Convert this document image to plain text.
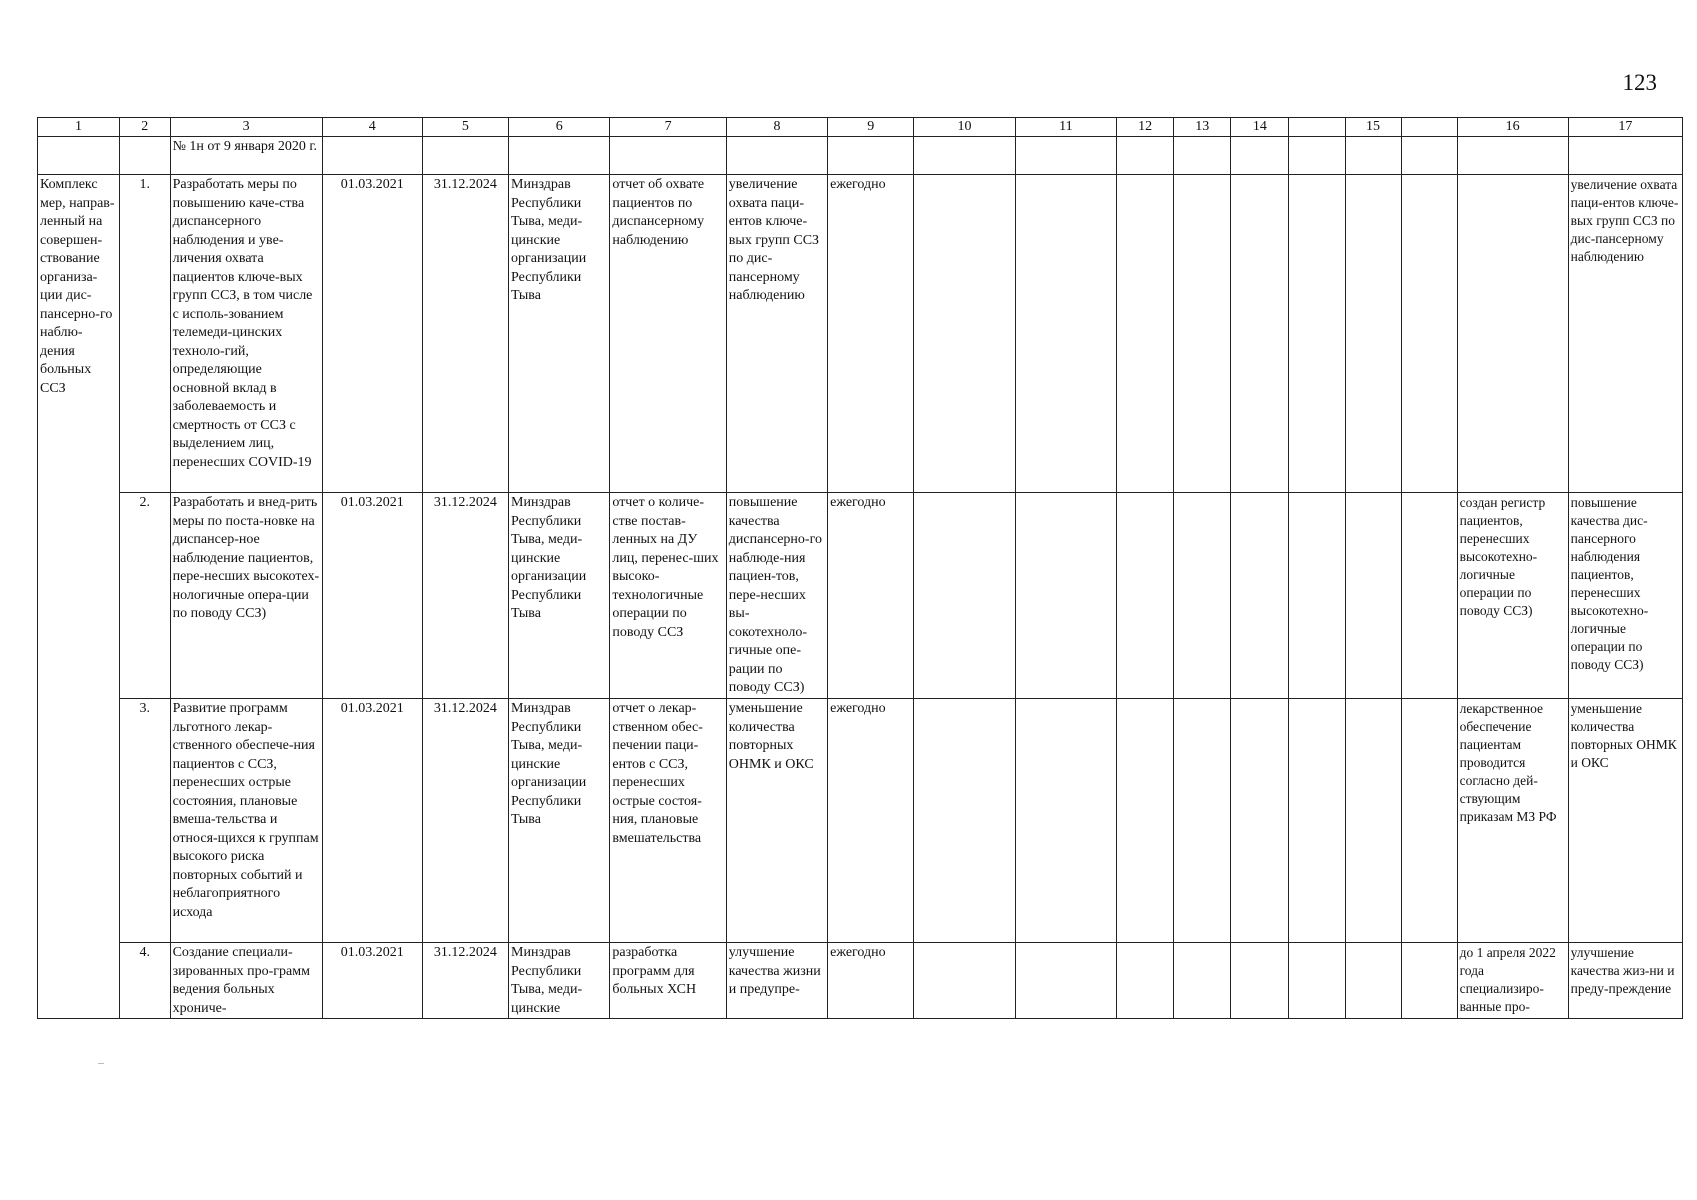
123
1	2	3	4	5	6	7	8	9	10	11	12	13	14		15		16	17
		№ 1н от 9 января 2020 г.																
Комплекс мер, направ-ленный на совершен-ствование организа-ции дис-пансерно-го наблю-дения больных ССЗ	1.	Разработать меры по повышению каче-ства диспансерного наблюдения и уве-личения охвата пациентов ключе-вых групп ССЗ, в том числе с исполь-зованием телемеди-цинских техноло-гий, определяющие основной вклад в заболеваемость и смертность от ССЗ с выделением лиц, перенесших COVID-19	01.03.2021	31.12.2024	Минздрав Республики Тыва, меди-цинские организации Республики Тыва	отчет об охвате пациентов по диспансерному наблюдению	увеличение охвата паци-ентов ключе-вых групп ССЗ по дис-пансерному наблюдению	ежегодно										увеличение охвата паци-ентов ключе-вых групп ССЗ по дис-пансерному наблюдению
	2.	Разработать и внед-рить меры по поста-новке на диспансер-ное наблюдение пациентов, пере-несших высокотех-нологичные опера-ции по поводу ССЗ)	01.03.2021	31.12.2024	Минздрав Республики Тыва, меди-цинские организации Республики Тыва	отчет о количе-стве постав-ленных на ДУ лиц, перенес-ших высоко-технологичные операции по поводу ССЗ	повышение качества диспансерно-го наблюде-ния пациен-тов, пере-несших вы-сокотехноло-гичные опе-рации по поводу ССЗ)	ежегодно									создан регистр пациентов, перенесших высокотехно-логичные операции по поводу ССЗ)	повышение качества дис-пансерного наблюдения пациентов, перенесших высокотехно-логичные операции по поводу ССЗ)
	3.	Развитие программ льготного лекар-ственного обеспече-ния пациентов с ССЗ, перенесших острые состояния, плановые вмеша-тельства и относя-щихся к группам высокого риска повторных событий и неблагоприятного исхода	01.03.2021	31.12.2024	Минздрав Республики Тыва, меди-цинские организации Республики Тыва	отчет о лекар-ственном обес-печении паци-ентов с ССЗ, перенесших острые состоя-ния, плановые вмешательства	уменьшение количества повторных ОНМК и ОКС	ежегодно									лекарственное обеспечение пациентам проводится согласно дей-ствующим приказам МЗ РФ	уменьшение количества повторных ОНМК и ОКС
	4.	Создание специали-зированных про-грамм ведения больных хрониче-	01.03.2021	31.12.2024	Минздрав Республики Тыва, меди-цинские	разработка программ для больных ХСН	улучшение качества жизни и предупре-	ежегодно									до 1 апреля 2022 года специализиро-ванные про-	улучшение качества жиз-ни и преду-преждение
